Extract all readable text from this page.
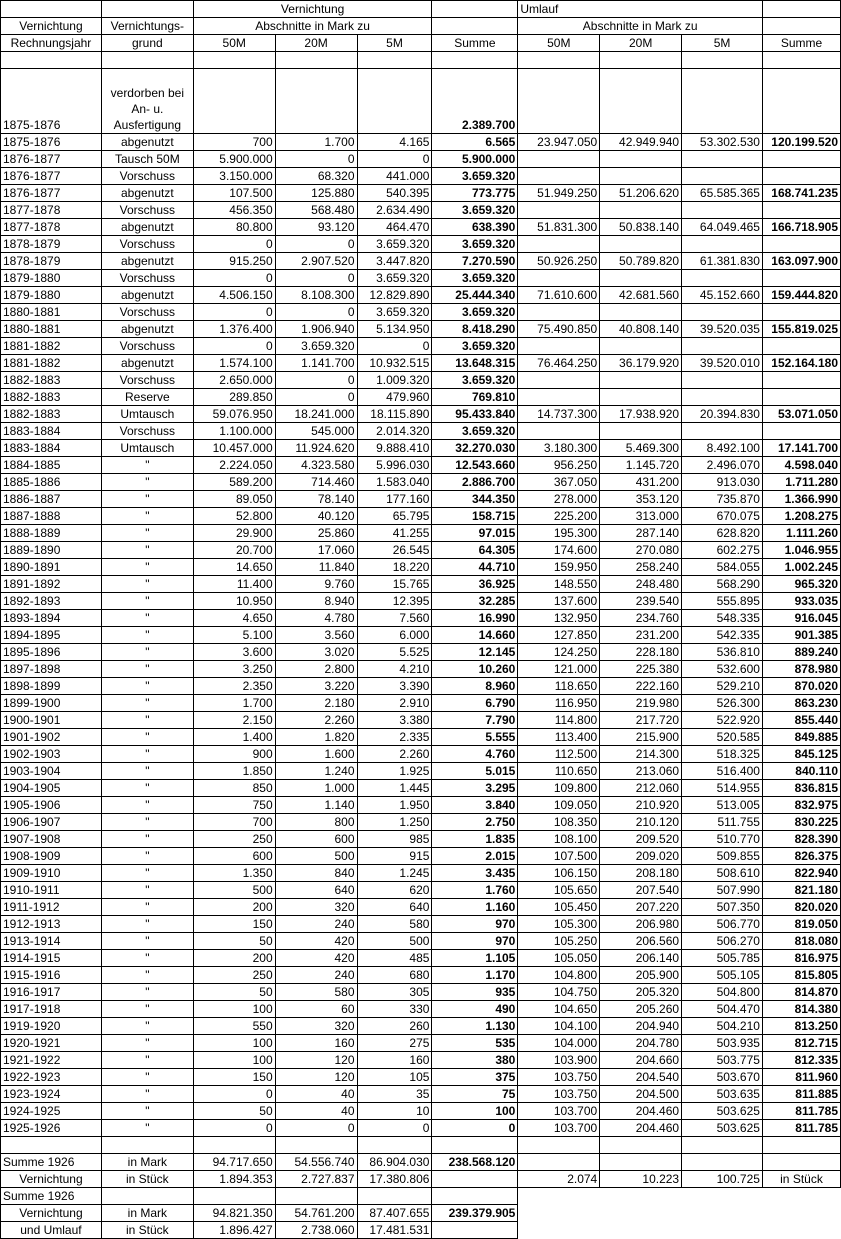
		Vernichtung				Umlauf			
Vernichtung	Vernichtungs-	Abschnitte in Mark zu				Abschnitte in Mark zu			
Rechnungsjahr	grund	50M	20M	5M	Summe	50M	20M	5M	Summe

1875-1876	verdorben bei An- u. Ausfertigung				2.389.700				
1875-1876	abgenutzt	700	1.700	4.165	6.565	23.947.050	42.949.940	53.302.530	120.199.520
1876-1877	Tausch 50M	5.900.000	0	0	5.900.000				
1876-1877	Vorschuss	3.150.000	68.320	441.000	3.659.320				
1876-1877	abgenutzt	107.500	125.880	540.395	773.775	51.949.250	51.206.620	65.585.365	168.741.235
1877-1878	Vorschuss	456.350	568.480	2.634.490	3.659.320				
1877-1878	abgenutzt	80.800	93.120	464.470	638.390	51.831.300	50.838.140	64.049.465	166.718.905
1878-1879	Vorschuss	0	0	3.659.320	3.659.320				
1878-1879	abgenutzt	915.250	2.907.520	3.447.820	7.270.590	50.926.250	50.789.820	61.381.830	163.097.900
1879-1880	Vorschuss	0	0	3.659.320	3.659.320				
1879-1880	abgenutzt	4.506.150	8.108.300	12.829.890	25.444.340	71.610.600	42.681.560	45.152.660	159.444.820
1880-1881	Vorschuss	0	0	3.659.320	3.659.320				
1880-1881	abgenutzt	1.376.400	1.906.940	5.134.950	8.418.290	75.490.850	40.808.140	39.520.035	155.819.025
1881-1882	Vorschuss	0	3.659.320	0	3.659.320				
1881-1882	abgenutzt	1.574.100	1.141.700	10.932.515	13.648.315	76.464.250	36.179.920	39.520.010	152.164.180
1882-1883	Vorschuss	2.650.000	0	1.009.320	3.659.320				
1882-1883	Reserve	289.850	0	479.960	769.810				
1882-1883	Umtausch	59.076.950	18.241.000	18.115.890	95.433.840	14.737.300	17.938.920	20.394.830	53.071.050
1883-1884	Vorschuss	1.100.000	545.000	2.014.320	3.659.320				
1883-1884	Umtausch	10.457.000	11.924.620	9.888.410	32.270.030	3.180.300	5.469.300	8.492.100	17.141.700
1884-1885	"	2.224.050	4.323.580	5.996.030	12.543.660	956.250	1.145.720	2.496.070	4.598.040
1885-1886	"	589.200	714.460	1.583.040	2.886.700	367.050	431.200	913.030	1.711.280
1886-1887	"	89.050	78.140	177.160	344.350	278.000	353.120	735.870	1.366.990
1887-1888	"	52.800	40.120	65.795	158.715	225.200	313.000	670.075	1.208.275
1888-1889	"	29.900	25.860	41.255	97.015	195.300	287.140	628.820	1.111.260
1889-1890	"	20.700	17.060	26.545	64.305	174.600	270.080	602.275	1.046.955
1890-1891	"	14.650	11.840	18.220	44.710	159.950	258.240	584.055	1.002.245
1891-1892	"	11.400	9.760	15.765	36.925	148.550	248.480	568.290	965.320
1892-1893	"	10.950	8.940	12.395	32.285	137.600	239.540	555.895	933.035
1893-1894	"	4.650	4.780	7.560	16.990	132.950	234.760	548.335	916.045
1894-1895	"	5.100	3.560	6.000	14.660	127.850	231.200	542.335	901.385
1895-1896	"	3.600	3.020	5.525	12.145	124.250	228.180	536.810	889.240
1897-1898	"	3.250	2.800	4.210	10.260	121.000	225.380	532.600	878.980
1898-1899	"	2.350	3.220	3.390	8.960	118.650	222.160	529.210	870.020
1899-1900	"	1.700	2.180	2.910	6.790	116.950	219.980	526.300	863.230
1900-1901	"	2.150	2.260	3.380	7.790	114.800	217.720	522.920	855.440
1901-1902	"	1.400	1.820	2.335	5.555	113.400	215.900	520.585	849.885
1902-1903	"	900	1.600	2.260	4.760	112.500	214.300	518.325	845.125
1903-1904	"	1.850	1.240	1.925	5.015	110.650	213.060	516.400	840.110
1904-1905	"	850	1.000	1.445	3.295	109.800	212.060	514.955	836.815
1905-1906	"	750	1.140	1.950	3.840	109.050	210.920	513.005	832.975
1906-1907	"	700	800	1.250	2.750	108.350	210.120	511.755	830.225
1907-1908	"	250	600	985	1.835	108.100	209.520	510.770	828.390
1908-1909	"	600	500	915	2.015	107.500	209.020	509.855	826.375
1909-1910	"	1.350	840	1.245	3.435	106.150	208.180	508.610	822.940
1910-1911	"	500	640	620	1.760	105.650	207.540	507.990	821.180
1911-1912	"	200	320	640	1.160	105.450	207.220	507.350	820.020
1912-1913	"	150	240	580	970	105.300	206.980	506.770	819.050
1913-1914	"	50	420	500	970	105.250	206.560	506.270	818.080
1914-1915	"	200	420	485	1.105	105.050	206.140	505.785	816.975
1915-1916	"	250	240	680	1.170	104.800	205.900	505.105	815.805
1916-1917	"	50	580	305	935	104.750	205.320	504.800	814.870
1917-1918	"	100	60	330	490	104.650	205.260	504.470	814.380
1919-1920	"	550	320	260	1.130	104.100	204.940	504.210	813.250
1920-1921	"	100	160	275	535	104.000	204.780	503.935	812.715
1921-1922	"	100	120	160	380	103.900	204.660	503.775	812.335
1922-1923	"	150	120	105	375	103.750	204.540	503.670	811.960
1923-1924	"	0	40	35	75	103.750	204.500	503.635	811.885
1924-1925	"	50	40	10	100	103.700	204.460	503.625	811.785
1925-1926	"	0	0	0	0	103.700	204.460	503.625	811.785

Summe 1926	in Mark	94.717.650	54.556.740	86.904.030	238.568.120				
Vernichtung	in Stück	1.894.353	2.727.837	17.380.806		2.074	10.223	100.725	in Stück
Summe 1926									
Vernichtung	in Mark	94.821.350	54.761.200	87.407.655	239.379.905				
und Umlauf	in Stück	1.896.427	2.738.060	17.481.531					
